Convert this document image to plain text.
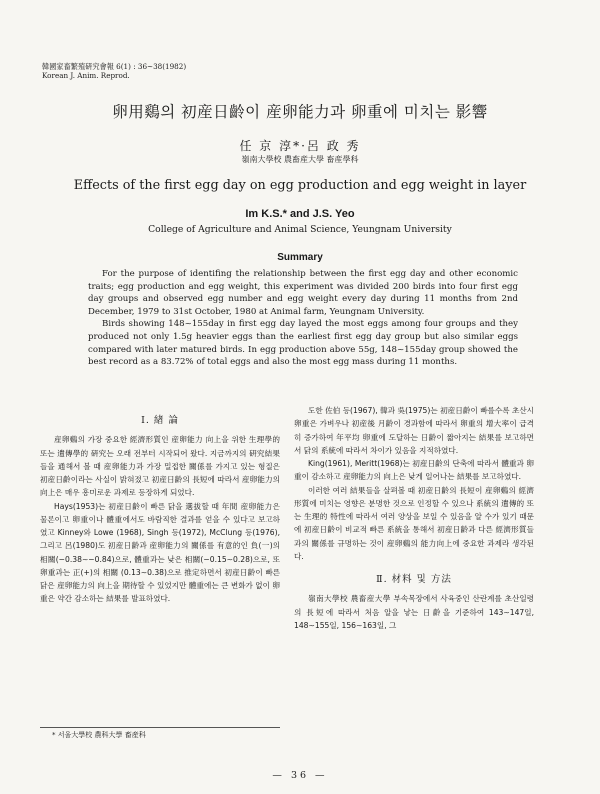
韓國家畜繁殖硏究會報 6(1) : 36~38(1982)
Korean J. Anim. Reprod.
卵用鷄의 初産日齡이 産卵能力과 卵重에 미치는 影響
任 京 淳*·呂 政 秀
嶺南大學校 農畜産大學 畜産學科
Effects of the first egg day on egg production and egg weight in layer
Im K.S.* and J.S. Yeo
College of Agriculture and Animal Science, Yeungnam University
Summary

For the purpose of identifing the relationship between the first egg day and other economic traits; egg production and egg weight, this experiment was divided 200 birds into four first egg day groups and observed egg number and egg weight every day during 11 months from 2nd December, 1979 to 31st October, 1980 at Animal farm, Yeungnam University.

Birds showing 148~155day in first egg day layed the most eggs among four groups and they produced not only 1.5g heavier eggs than the earliest first egg day group but also similar eggs compared with later matured birds. In egg production above 55g, 148~155day group showed the best record as a 83.72% of total eggs and also the most egg mass during 11 months.

Ⅰ. 緖 論

産卵鷄의 가장 중요한 經濟形質인 産卵能力 向上을 위한 生理學的 또는 遺傳學的 硏究는 오래 전부터 시작되어 왔다. 지금까지의 硏究結果들을 通해서 볼 때 産卵能力과 가장 밀접한 關係를 가지고 있는 형질은 初産日齡이라는 사실이 밝혀졌고 初産日齡의 長短에 따라서 産卵能力의 向上은 매우 흥미로운 과제로 등장하게 되었다.

Hays(1953)는 初産日齡이 빠른 닭을 選拔할 때 年間 産卵能力은 물론이고 卵重이나 體重에서도 바람직한 결과를 얻을 수 있다고 보고하였고 Kinney와 Lowe (1968), Singh 등(1972), McClung 등(1976), 그리고 呂(1980)도 初産日齡과 産卵能力의 關係를 有意的인 負(一)의 相關(−0.38∼−0.84)으로, 體重과는 낮은 相關(−0.15∼0.28)으로, 또 卵重과는 正(+)의 相關 (0.13∼0.38)으로 推定하면서 初産日齡이 빠른 닭은 産卵能力의 向上을 期待할 수 있었지만 體重에는 큰 변화가 없이 卵重은 약간 감소하는 結果를 발표하였다.

도한 佐伯 등(1967), 韓과 吳(1975)는 初産日齡이 빠를수록 초산시 卵重은 가벼우나 初産後 月齡이 경과함에 따라서 卵重의 增大率이 급격히 증가하여 年平均 卵重에 도달하는 日齡이 짧아지는 結果를 보고하면서 닭의 系統에 따라서 차이가 있음을 지적하였다.

King(1961), Meritt(1968)는 初産日齡의 단축에 따라서 體重과 卵重이 감소하고 産卵能力의 向上은 낮게 일어나는 結果를 보고하였다.

이러한 여러 結果들을 살펴볼 때 初産日齡의 長短이 産卵鷄의 經濟形質에 미치는 영향은 분명한 것으로 인정할 수 있으나 系統의 遺傳的 또는 生理的 特性에 따라서 여러 양상을 보일 수 있음을 알 수가 있기 때문에 初産日齡이 비교적 빠른 系統을 통해서 初産日齡과 다른 經濟形質들과의 關係를 규명하는 것이 産卵鷄의 能力向上에 중요한 과제라 생각된다.

Ⅱ. 材料 및 方法

嶺南大學校 農畜産大學 부속목장에서 사육중인 산란계를 초산일령의 長短에 따라서 처음 알을 낳는 日齡을 기준하여 143∼147일, 148∼155일, 156∼163일, 그

* 서울大學校 農科大學 畜産科
— 36 —
